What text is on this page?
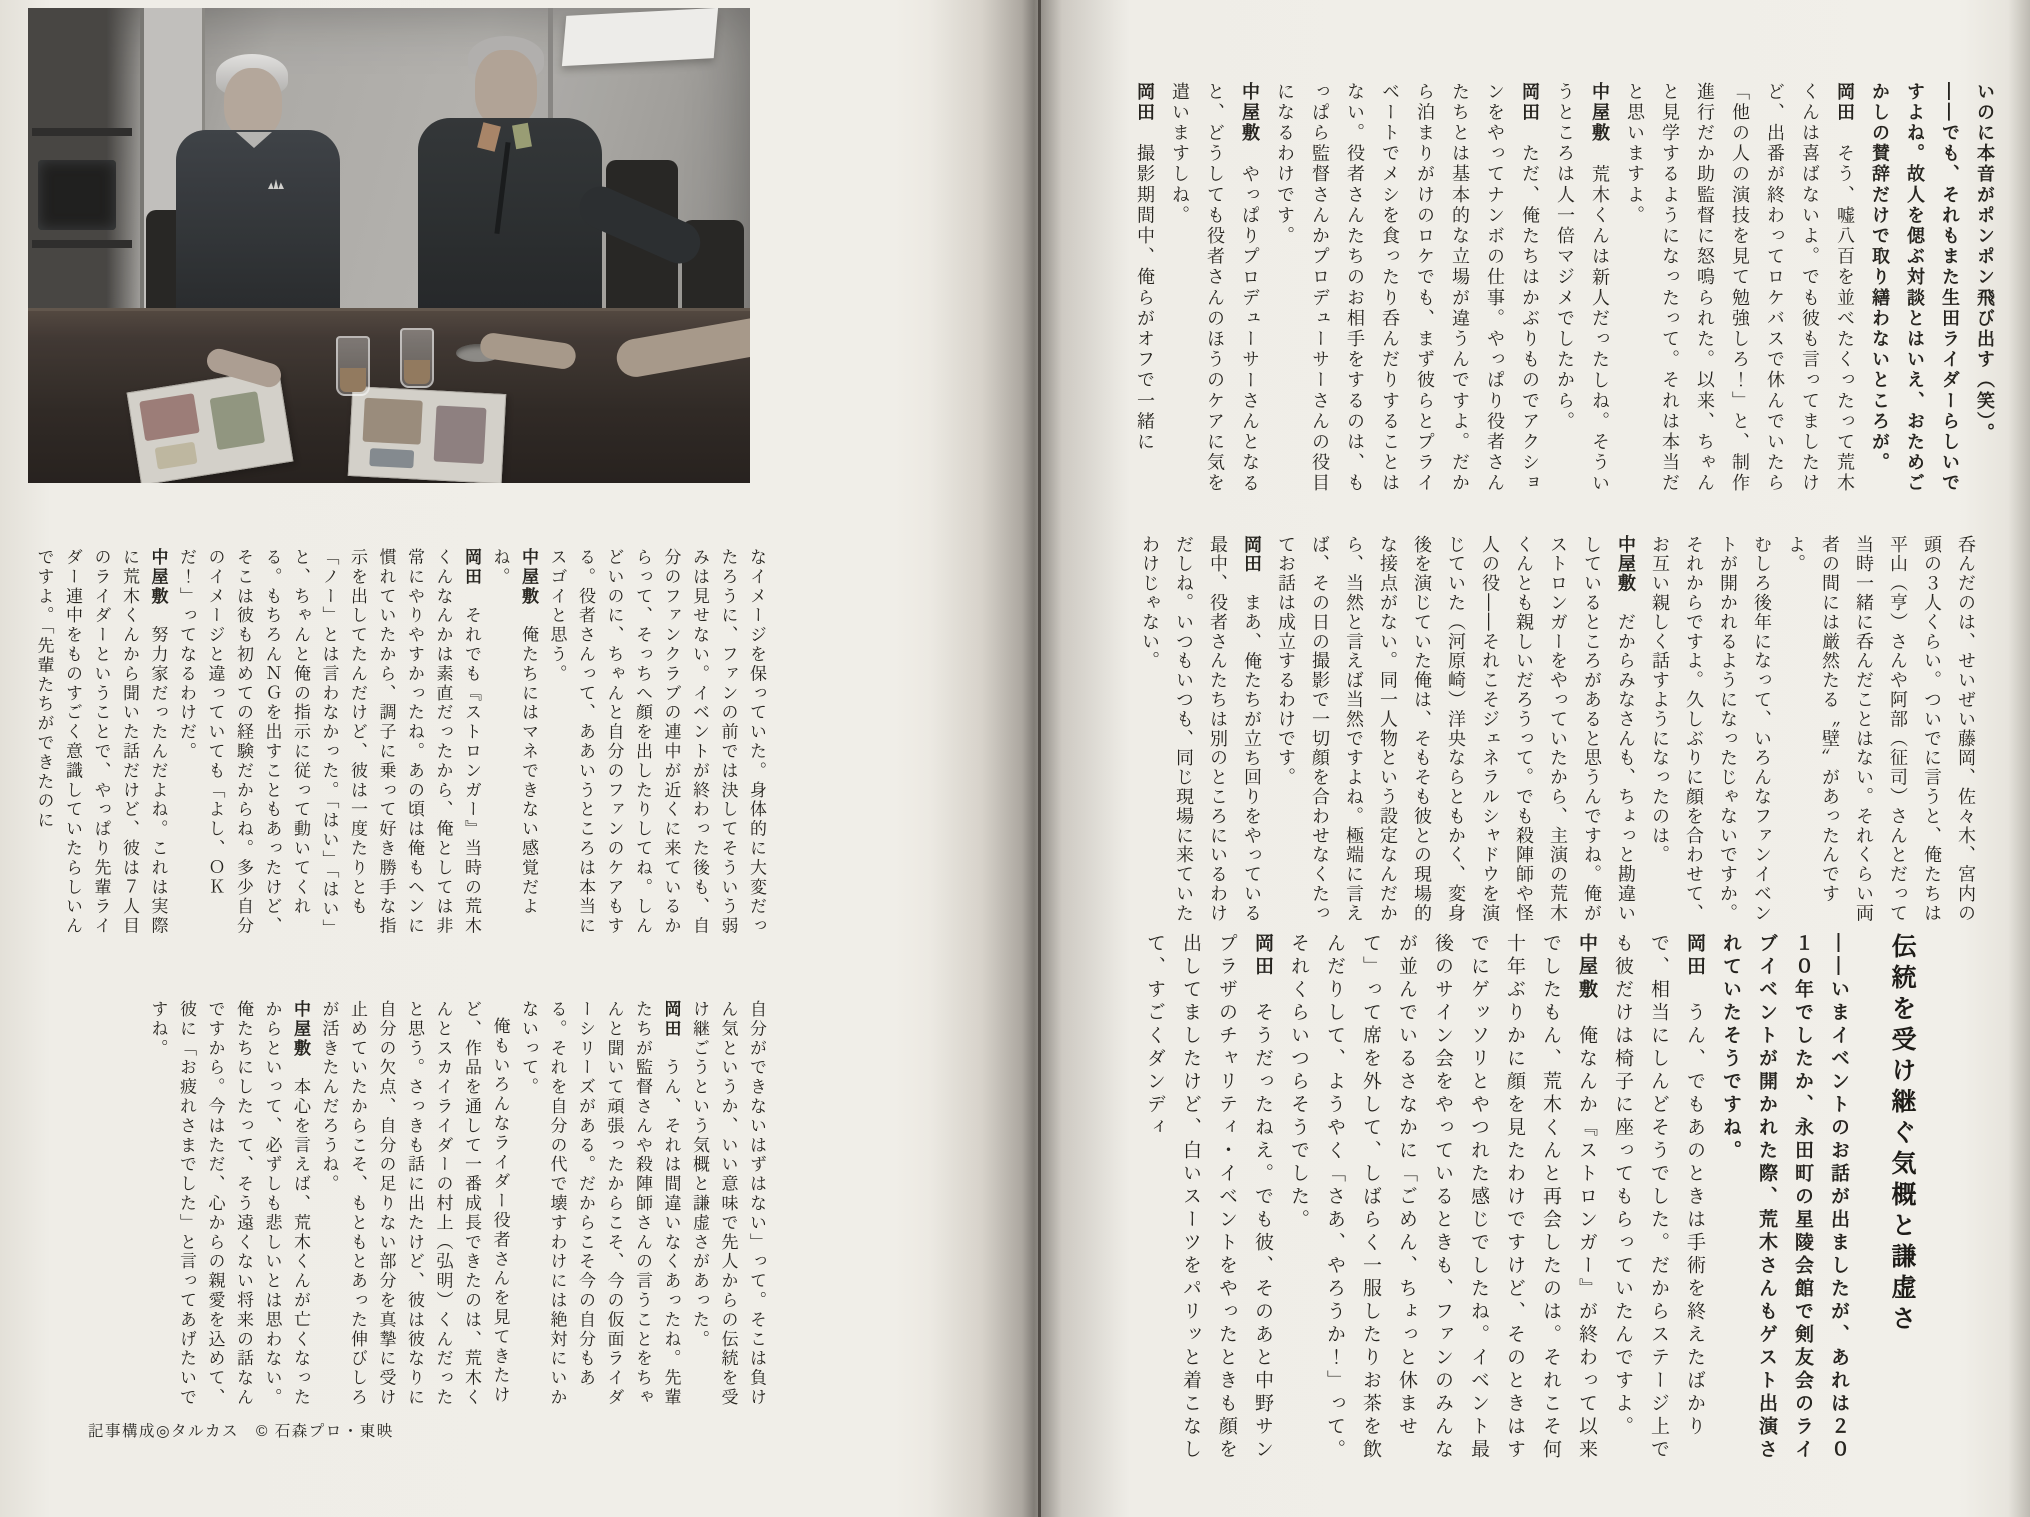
いのに本音がポンポン飛び出す（笑）。

――でも、それもまた生田ライダーらしいですよね。故人を偲ぶ対談とはいえ、おためごかしの賛辞だけで取り繕わないところが。

岡田　そう、嘘八百を並べたくったって荒木くんは喜ばないよ。でも彼も言ってましたけど、出番が終わってロケバスで休んでいたら「他の人の演技を見て勉強しろ！」と、制作進行だか助監督に怒鳴られた。以来、ちゃんと見学するようになったって。それは本当だと思いますよ。

中屋敷　荒木くんは新人だったしね。そういうところは人一倍マジメでしたから。

岡田　ただ、俺たちはかぶりものでアクションをやってナンボの仕事。やっぱり役者さんたちとは基本的な立場が違うんですよ。だから泊まりがけのロケでも、まず彼らとプライベートでメシを食ったり呑んだりすることはない。役者さんたちのお相手をするのは、もっぱら監督さんかプロデューサーさんの役目になるわけです。

中屋敷　やっぱりプロデューサーさんとなると、どうしても役者さんのほうのケアに気を遣いますしね。

岡田　撮影期間中、俺らがオフで一緒に

呑んだのは、せいぜい藤岡、佐々木、宮内の頭の３人くらい。ついでに言うと、俺たちは平山（亨）さんや阿部（征司）さんとだって当時一緒に呑んだことはない。それくらい両者の間には厳然たる〝壁〟があったんですよ。

むしろ後年になって、いろんなファンイベントが開かれるようになったじゃないですか。それからですよ。久しぶりに顔を合わせて、お互い親しく話すようになったのは。

中屋敷　だからみなさんも、ちょっと勘違いしているところがあると思うんですね。俺がストロンガーをやっていたから、主演の荒木くんとも親しいだろうって。でも殺陣師や怪人の役――それこそジェネラルシャドウを演じていた（河原崎）洋央ならともかく、変身後を演じていた俺は、そもそも彼との現場的な接点がない。同一人物という設定なんだから、当然と言えば当然ですよね。極端に言えば、その日の撮影で一切顔を合わせなくたってお話は成立するわけです。

岡田　まあ、俺たちが立ち回りをやっている最中、役者さんたちは別のところにいるわけだしね。いつもいつも、同じ現場に来ていたわけじゃない。

伝統を受け継ぐ気概と謙虚さ

――いまイベントのお話が出ましたが、あれは２０１０年でしたか、永田町の星陵会館で剣友会のライブイベントが開かれた際、荒木さんもゲスト出演されていたそうですね。

岡田　うん、でもあのときは手術を終えたばかりで、相当にしんどそうでした。だからステージ上でも彼だけは椅子に座ってもらっていたんですよ。

中屋敷　俺なんか『ストロンガー』が終わって以来でしたもん、荒木くんと再会したのは。それこそ何十年ぶりかに顔を見たわけですけど、そのときはすでにゲッソリとやつれた感じでしたね。イベント最後のサイン会をやっているときも、ファンのみんなが並んでいるさなかに「ごめん、ちょっと休ませて」って席を外して、しばらく一服したりお茶を飲んだりして、ようやく「さあ、やろうか！」って。それくらいつらそうでした。

岡田　そうだったねえ。でも彼、そのあと中野サンプラザのチャリティ・イベントをやったときも顔を出してましたけど、白いスーツをパリッと着こなして、すごくダンディ

なイメージを保っていた。身体的に大変だったろうに、ファンの前では決してそういう弱みは見せない。イベントが終わった後も、自分のファンクラブの連中が近くに来ているからって、そっちへ顔を出したりしてね。しんどいのに、ちゃんと自分のファンのケアもする。役者さんって、ああいうところは本当にスゴイと思う。

中屋敷　俺たちにはマネできない感覚だよね。

岡田　それでも『ストロンガー』当時の荒木くんなんかは素直だったから、俺としては非常にやりやすかったね。あの頃は俺もヘンに慣れていたから、調子に乗って好き勝手な指示を出してたんだけど、彼は一度たりとも「ノー」とは言わなかった。「はい」「はい」と、ちゃんと俺の指示に従って動いてくれる。もちろんＮＧを出すこともあったけど、そこは彼も初めての経験だからね。多少自分のイメージと違っていても「よし、ＯＫだ！」ってなるわけだ。

中屋敷　努力家だったんだよね。これは実際に荒木くんから聞いた話だけど、彼は７人目のライダーということで、やっぱり先輩ライダー連中をものすごく意識していたらしいんですよ。「先輩たちができたのに

自分ができないはずはない」って。そこは負けん気というか、いい意味で先人からの伝統を受け継ごうという気概と謙虚さがあった。

岡田　うん、それは間違いなくあったね。先輩たちが監督さんや殺陣師さんの言うことをちゃんと聞いて頑張ったからこそ、今の仮面ライダーシリーズがある。だからこそ今の自分もある。それを自分の代で壊すわけには絶対にいかないって。

俺もいろんなライダー役者さんを見てきたけど、作品を通して一番成長できたのは、荒木くんとスカイライダーの村上（弘明）くんだったと思う。さっきも話に出たけど、彼は彼なりに自分の欠点、自分の足りない部分を真摯に受け止めていたからこそ、もともとあった伸びしろが活きたんだろうね。

中屋敷　本心を言えば、荒木くんが亡くなったからといって、必ずしも悲しいとは思わない。俺たちにしたって、そう遠くない将来の話なんですから。今はただ、心からの親愛を込めて、彼に「お疲れさまでした」と言ってあげたいですね。

記事構成◎タルカス　© 石森プロ・東映
